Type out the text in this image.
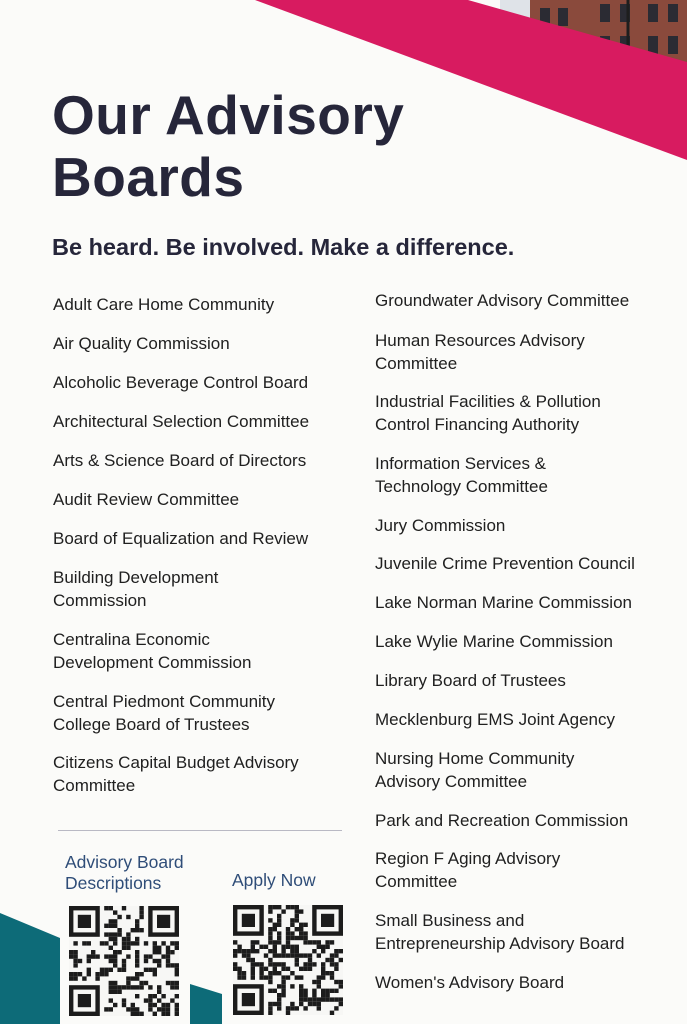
Our Advisory
Boards

Be heard. Be involved. Make a difference.

Adult Care Home Community
Air Quality Commission
Alcoholic Beverage Control Board
Architectural Selection Committee
Arts & Science Board of Directors
Audit Review Committee
Board of Equalization and Review
Building Development
Commission
Centralina Economic
Development Commission
Central Piedmont Community
College Board of Trustees
Citizens Capital Budget Advisory
Committee
Groundwater Advisory Committee
Human Resources Advisory
Committee
Industrial Facilities & Pollution
Control Financing Authority
Information Services &
Technology Committee
Jury Commission
Juvenile Crime Prevention Council
Lake Norman Marine Commission
Lake Wylie Marine Commission
Library Board of Trustees
Mecklenburg EMS Joint Agency
Nursing Home Community
Advisory Committee
Park and Recreation Commission
Region F Aging Advisory
Committee
Small Business and
Entrepreneurship Advisory Board
Women's Advisory Board
Advisory Board
Descriptions	Apply Now
